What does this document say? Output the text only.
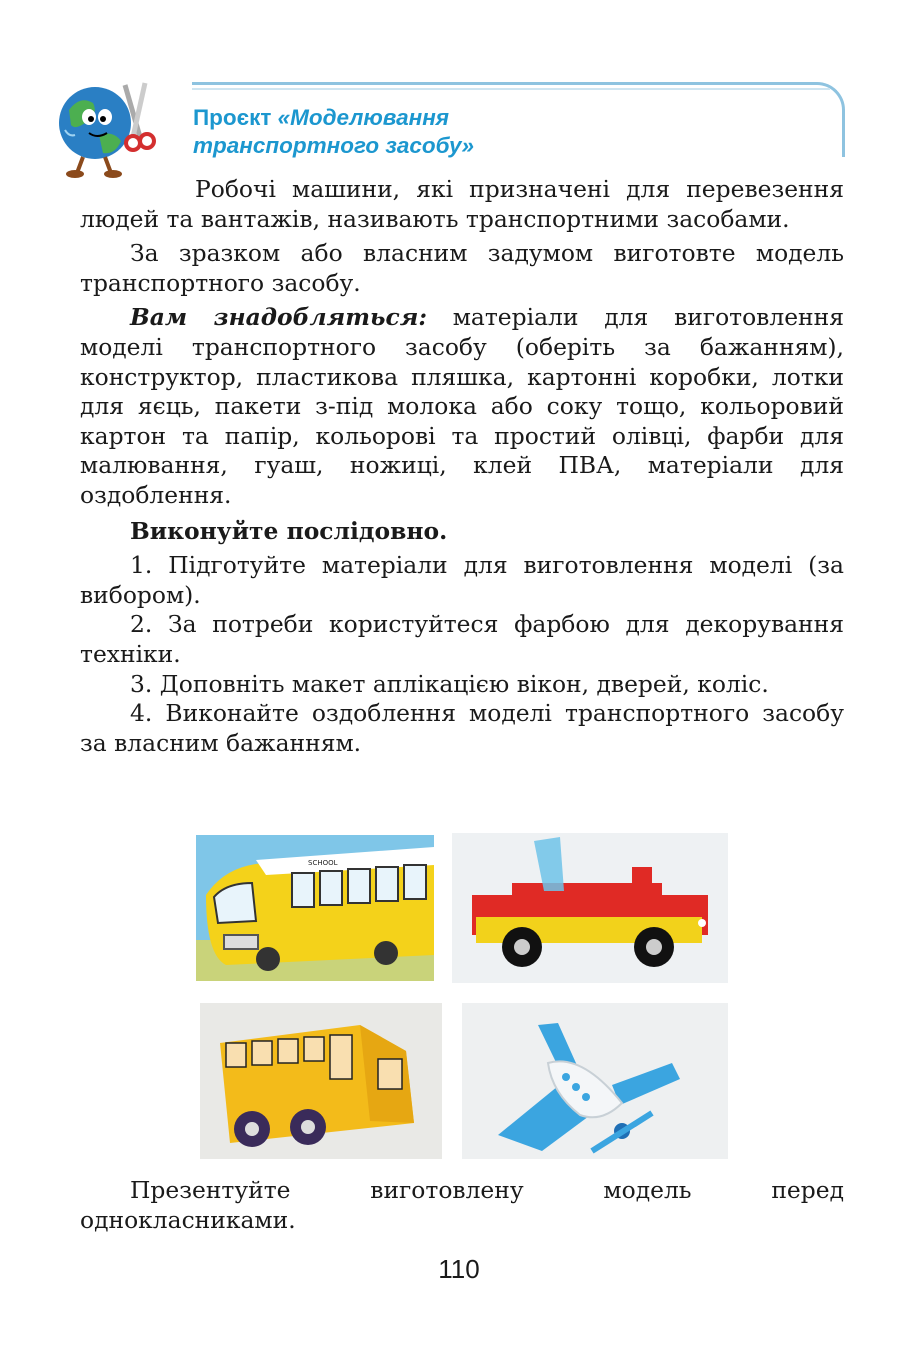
Проєкт «Моделювання
транспортного засобу»

Робочі машини, які призначені для перевезення людей та вантажів, називають транспортними засобами.

За зразком або власним задумом виготовте модель транспортного засобу.

Вам знадобляться: матеріали для виготовлення моделі транспортного засобу (оберіть за бажанням), конструктор, пластикова пляшка, картонні коробки, лотки для яєць, пакети з-під молока або соку тощо, кольоровий картон та папір, кольорові та простий олівці, фарби для малювання, гуаш, ножиці, клей ПВА, матеріали для оздоблення.

Виконуйте послідовно.

1. Підготуйте матеріали для виготовлення моделі (за вибором).

2. За потреби користуйтеся фарбою для декорування техніки.

3. Доповніть макет аплікацією вікон, дверей, коліс.

4. Виконайте оздоблення моделі транспортного засобу за власним бажанням.

SCHOOL

Презентуйте виготовлену модель перед однокласниками.

110
